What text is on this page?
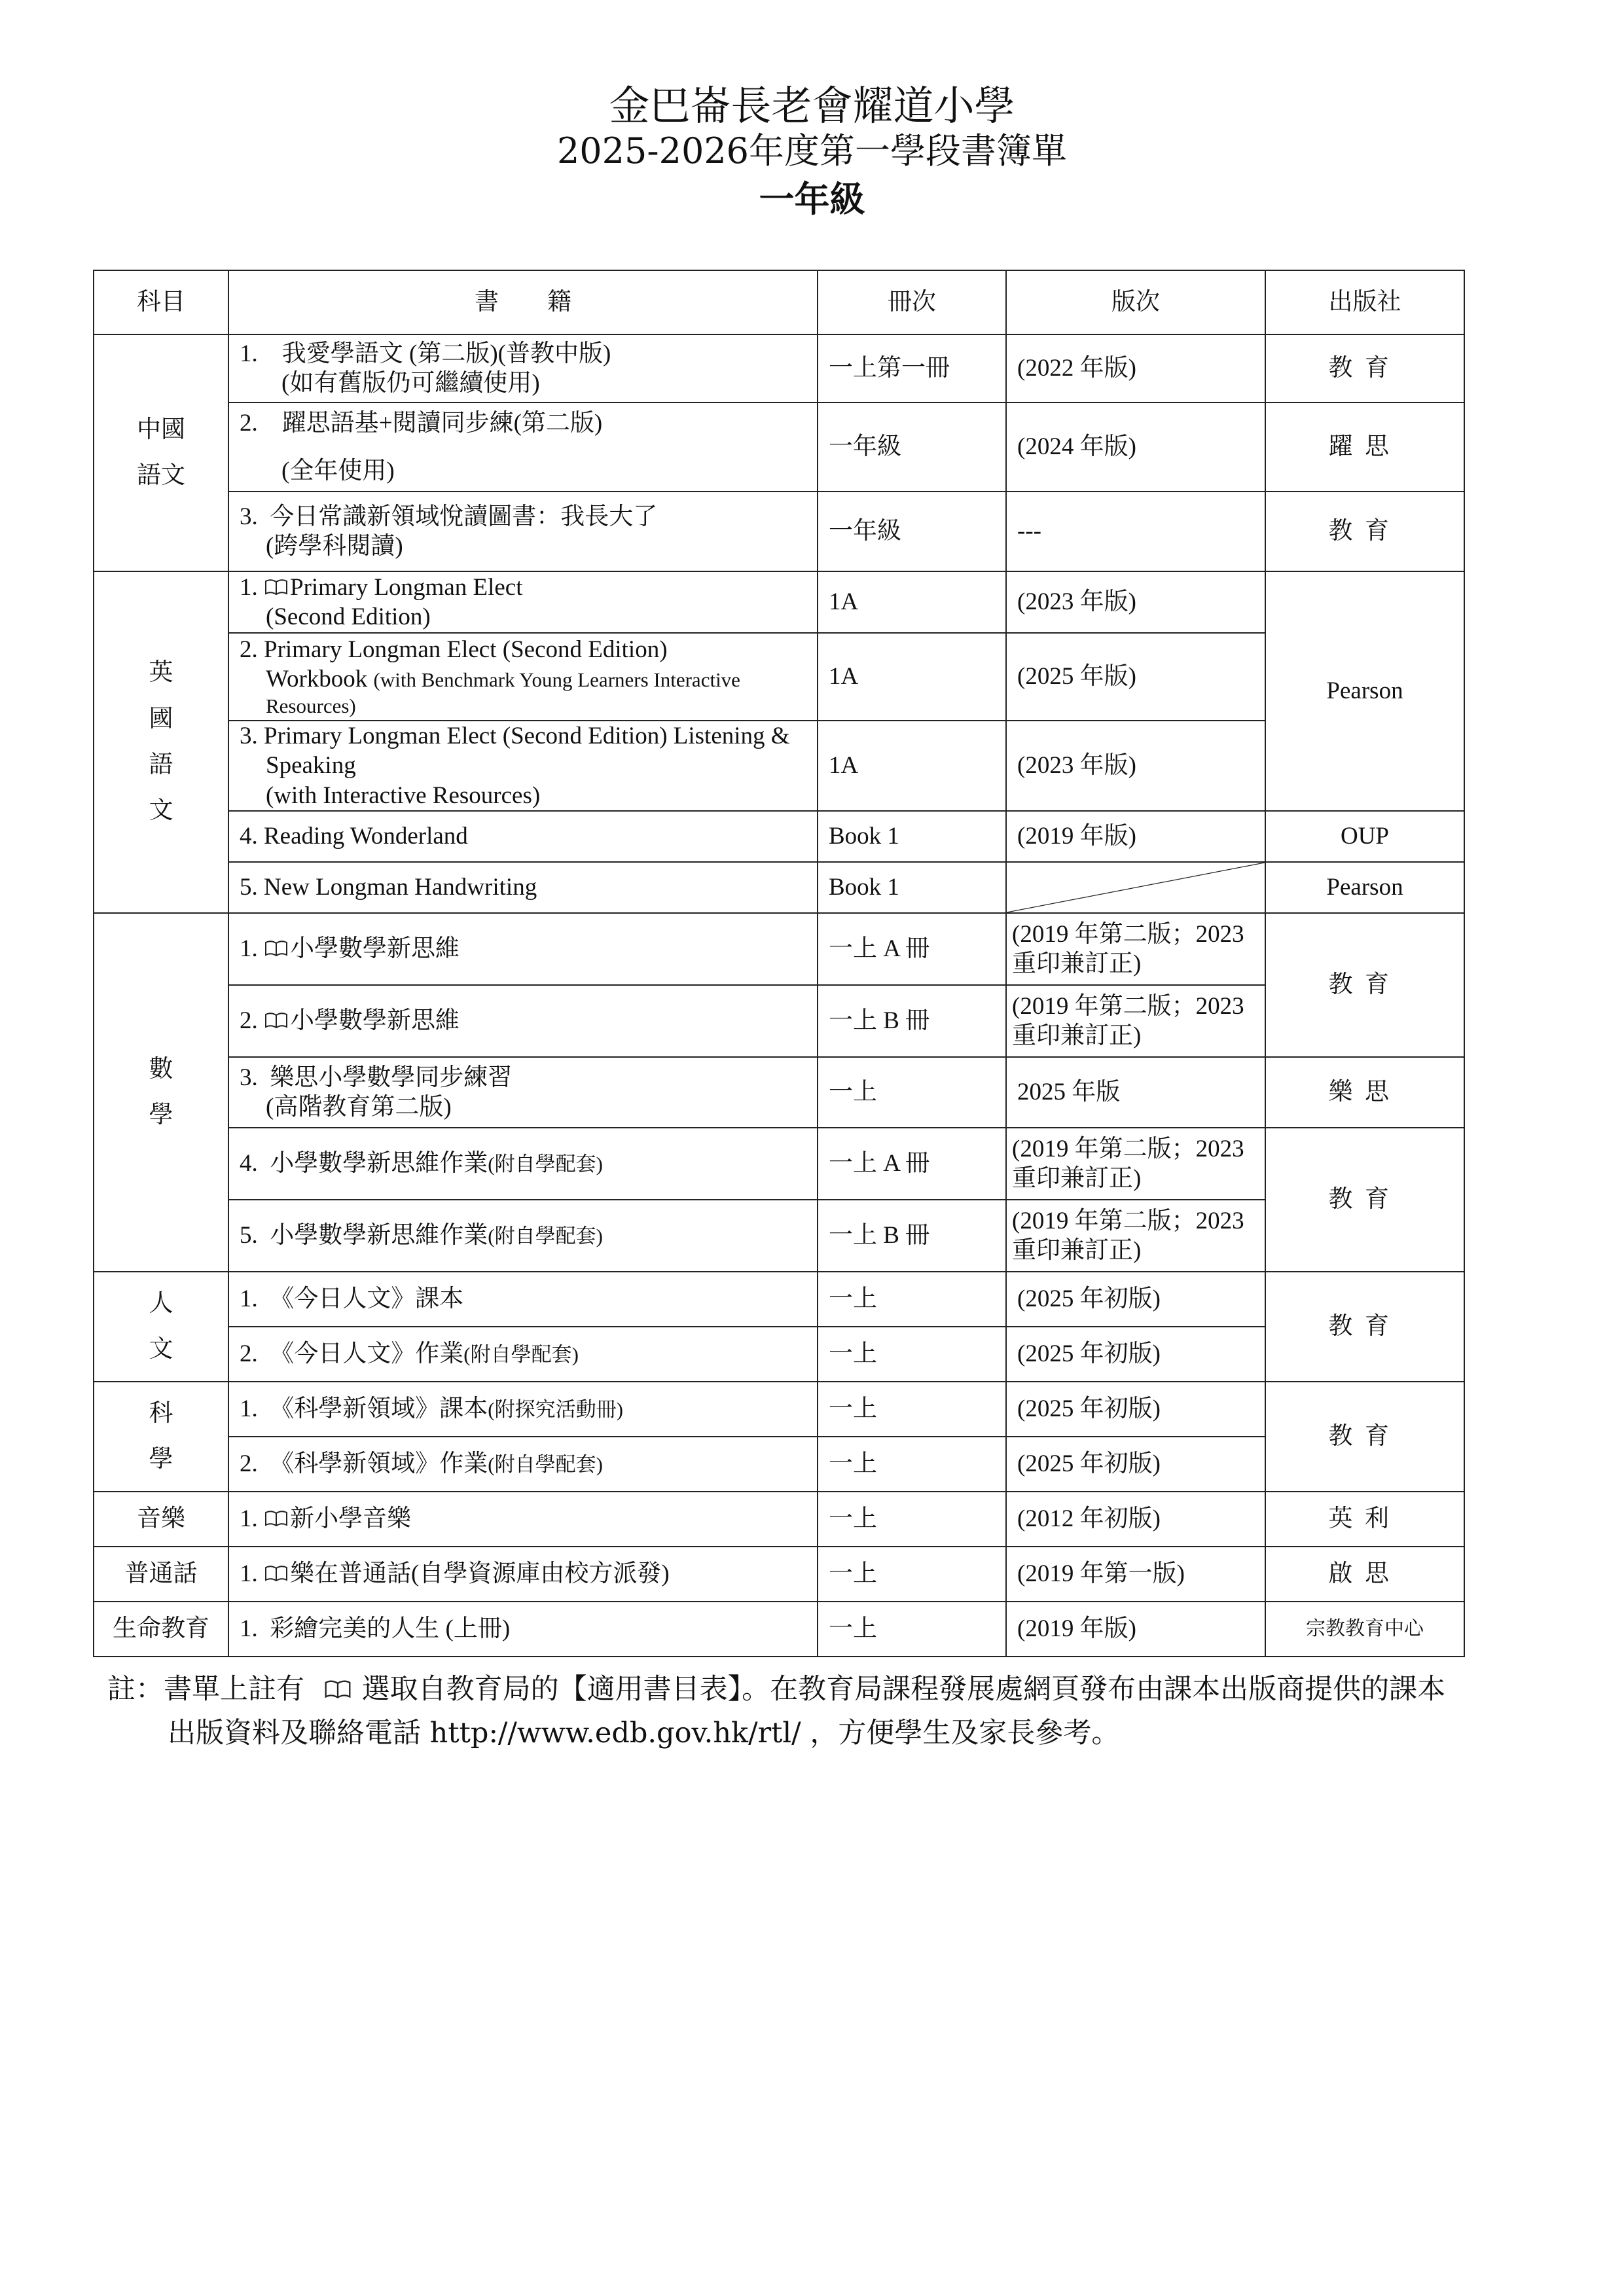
金巴崙長老會耀道小學
2025-2026年度第一學段書簿單
一年級
科目	書　　籍	冊次	版次	出版社

中國
語文	1. 我愛學語文 (第二版)(普教中版)
(如有舊版仍可繼續使用)	一上第一冊	(2022 年版)	教育

	2. 躍思語基+閱讀同步練(第二版)
(全年使用)	一年級	(2024 年版)	躍思

	3. 今日常識新領域悅讀圖書：我長大了
(跨學科閱讀)	一年級	---	教育

英
國
語
文	1. Primary Longman Elect
(Second Edition)	1A	(2023 年版)	Pearson

	2. Primary Longman Elect (Second Edition)
Workbook (with Benchmark Young Learners Interactive
Resources)	1A	(2025 年版)	

	3. Primary Longman Elect (Second Edition) Listening &
Speaking
(with Interactive Resources)	1A	(2023 年版)	
	4. Reading Wonderland	Book 1	(2019 年版)	OUP
	5. New Longman Handwriting	Book 1		Pearson

數
學	1. 小學數學新思維	一上 A 冊	(2019 年第二版；2023
重印兼訂正)	教育
	2. 小學數學新思維	一上 B 冊	(2019 年第二版；2023
重印兼訂正)	

	3. 樂思小學數學同步練習
(高階教育第二版)	一上	2025 年版	樂思
	4. 小學數學新思維作業(附自學配套)	一上 A 冊	(2019 年第二版；2023
重印兼訂正)	教育
	5. 小學數學新思維作業(附自學配套)	一上 B 冊	(2019 年第二版；2023
重印兼訂正)	

人
文	1. 《今日人文》課本	一上	(2025 年初版)	教育
	2. 《今日人文》作業(附自學配套)	一上	(2025 年初版)	

科
學	1. 《科學新領域》課本(附探究活動冊)	一上	(2025 年初版)	教育
	2. 《科學新領域》作業(附自學配套)	一上	(2025 年初版)	
音樂	1. 新小學音樂	一上	(2012 年初版)	英利
普通話	1. 樂在普通話(自學資源庫由校方派發)	一上	(2019 年第一版)	啟思
生命教育	1. 彩繪完美的人生 (上冊)	一上	(2019 年版)	宗教教育中心
註：書單上註有 選取自教育局的【適用書目表】。在教育局課程發展處網頁發布由課本出版商提供的課本
出版資料及聯絡電話 http://www.edb.gov.hk/rtl/ ，方便學生及家長參考。
